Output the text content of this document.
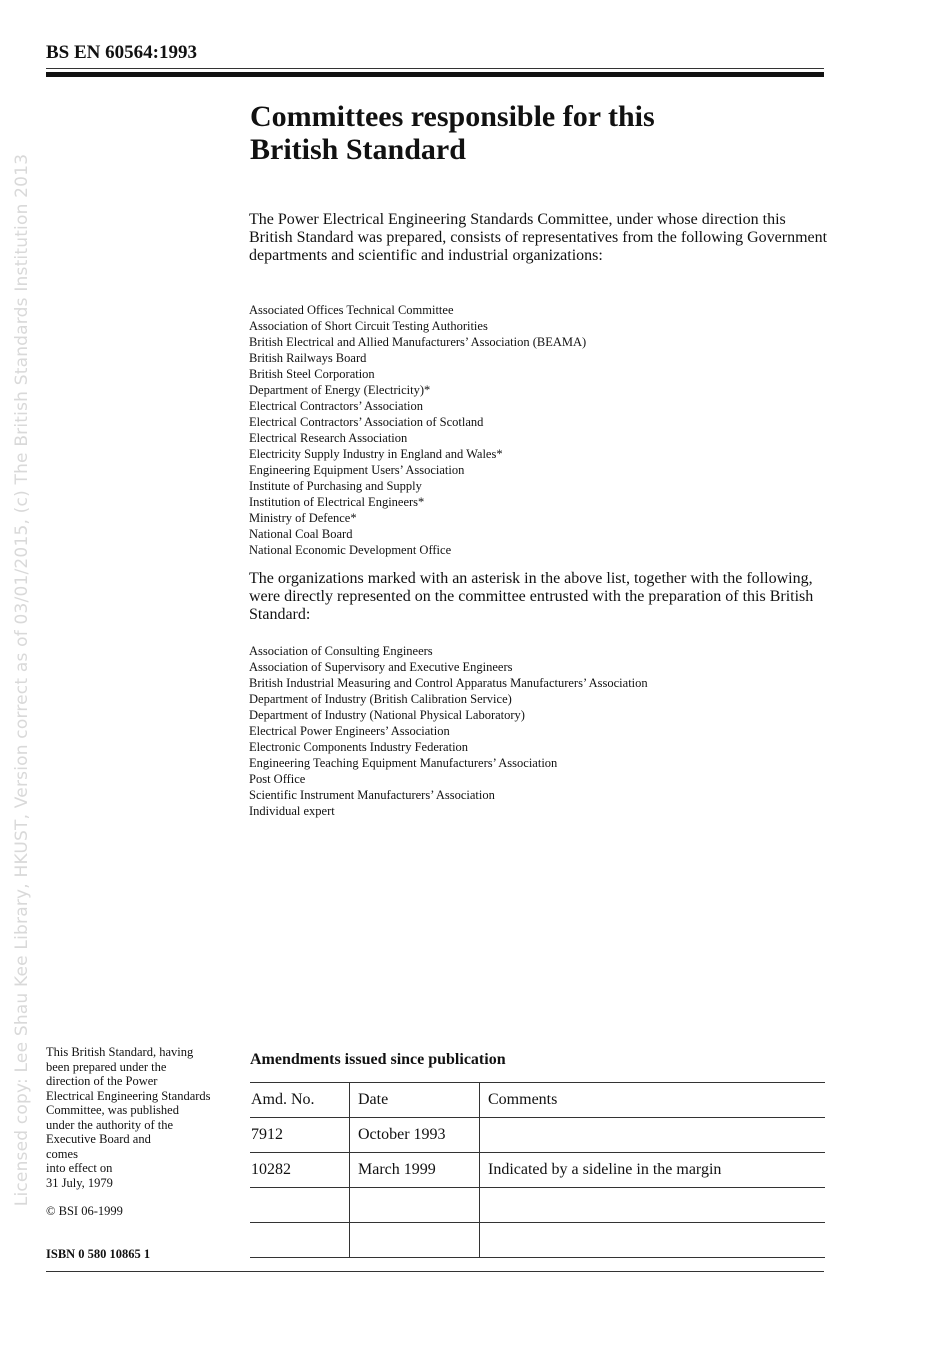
Licensed copy: Lee Shau Kee Library, HKUST, Version correct as of 03/01/2015, (c) The British Standards Institution 2013
BS EN 60564:1993
Committees responsible for this
British Standard

The Power Electrical Engineering Standards Committee, under whose direction this British Standard was prepared, consists of representatives from the following Government departments and scientific and industrial organizations:

Associated Offices Technical Committee
Association of Short Circuit Testing Authorities
British Electrical and Allied Manufacturers’ Association (BEAMA)
British Railways Board
British Steel Corporation
Department of Energy (Electricity)*
Electrical Contractors’ Association
Electrical Contractors’ Association of Scotland
Electrical Research Association
Electricity Supply Industry in England and Wales*
Engineering Equipment Users’ Association
Institute of Purchasing and Supply
Institution of Electrical Engineers*
Ministry of Defence*
National Coal Board
National Economic Development Office

The organizations marked with an asterisk in the above list, together with the following, were directly represented on the committee entrusted with the preparation of this British Standard:

Association of Consulting Engineers
Association of Supervisory and Executive Engineers
British Industrial Measuring and Control Apparatus Manufacturers’ Association
Department of Industry (British Calibration Service)
Department of Industry (National Physical Laboratory)
Electrical Power Engineers’ Association
Electronic Components Industry Federation
Engineering Teaching Equipment Manufacturers’ Association
Post Office
Scientific Instrument Manufacturers’ Association
Individual expert

This British Standard, having

been prepared under the

direction of the Power

Electrical Engineering Standards

Committee, was published

under the authority of the

Executive Board and

comes

into effect on

31 July, 1979

© BSI 06-1999
ISBN 0 580 10865 1
Amendments issued since publication
Amd. No.	Date	Comments
7912	October 1993	
10282	March 1999	Indicated by a sideline in the margin
